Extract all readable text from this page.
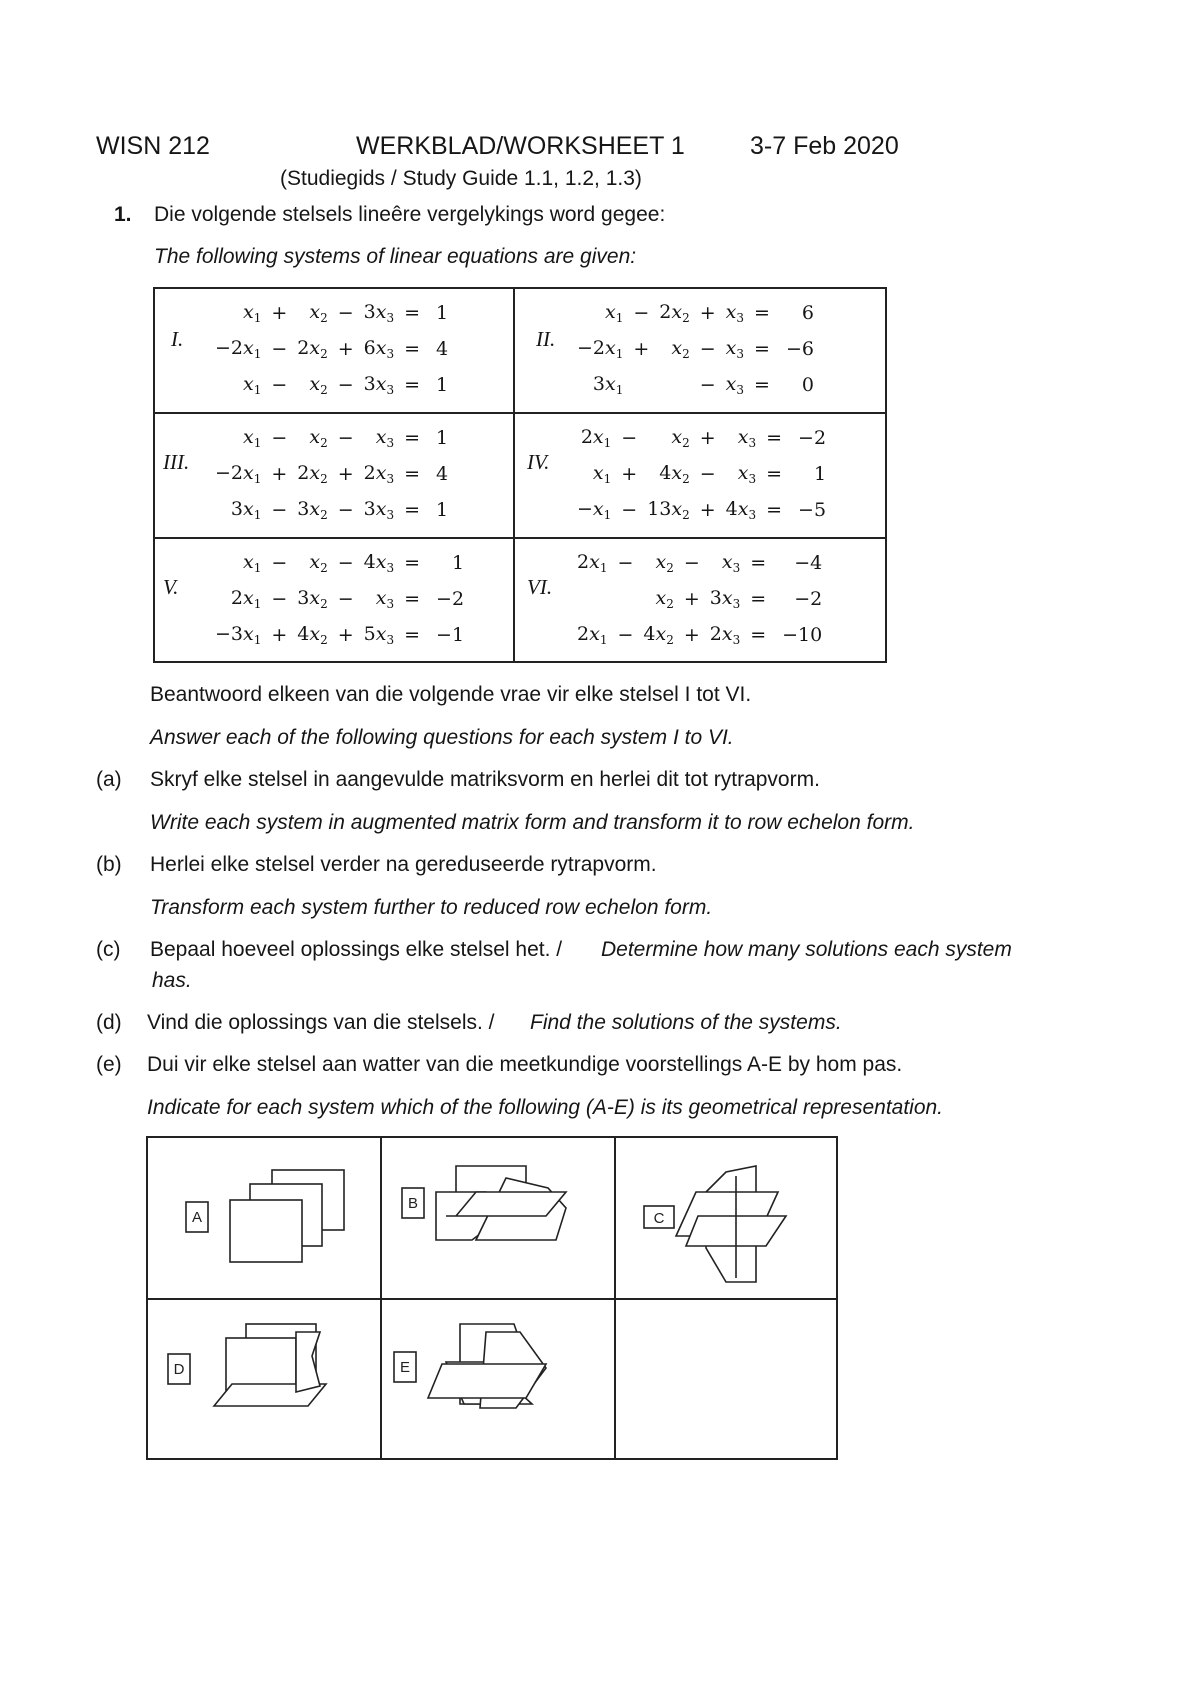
WISN 212	WERKBLAD/WORKSHEET 1	3-7 Feb 2020
(Studiegids / Study Guide 1.1, 1.2, 1.3)
1. Die volgende stelsels lineêre vergelykings word gegee:
The following systems of linear equations are given:
I.
$x_1$	+	$x_2$	−	$3x_3$	=	1
$-2x_1$	−	$2x_2$	+	$6x_3$	=	4
$x_1$	−	$x_2$	−	$3x_3$	=	1
II.
$x_1$	−	$2x_2$	+	$x_3$	=	6
$-2x_1$	+	$x_2$	−	$x_3$	=	−6
$3x_1$			−	$x_3$	=	0
III.
$x_1$	−	$x_2$	−	$x_3$	=	1
$-2x_1$	+	$2x_2$	+	$2x_3$	=	4
$3x_1$	−	$3x_2$	−	$3x_3$	=	1
IV.
$2x_1$	−	$x_2$	+	$x_3$	=	−2
$x_1$	+	$4x_2$	−	$x_3$	=	1
$-x_1$	−	$13x_2$	+	$4x_3$	=	−5
V.
$x_1$	−	$x_2$	−	$4x_3$	=	1
$2x_1$	−	$3x_2$	−	$x_3$	=	−2
$-3x_1$	+	$4x_2$	+	$5x_3$	=	−1
VI.
$2x_1$	−	$x_2$	−	$x_3$	=	−4
		$x_2$	+	$3x_3$	=	−2
$2x_1$	−	$4x_2$	+	$2x_3$	=	−10
Beantwoord elkeen van die volgende vrae vir elke stelsel I tot VI.
Answer each of the following questions for each system I to VI.
(a) Skryf elke stelsel in aangevulde matriksvorm en herlei dit tot rytrapvorm.
Write each system in augmented matrix form and transform it to row echelon form.
(b) Herlei elke stelsel verder na gereduseerde rytrapvorm.
Transform each system further to reduced row echelon form.
(c) Bepaal hoeveel oplossings elke stelsel het. / Determine how many solutions each system
has.
(d) Vind die oplossings van die stelsels. / Find the solutions of the systems.
(e) Dui vir elke stelsel aan watter van die meetkundige voorstellings A-E by hom pas.
Indicate for each system which of the following (A-E) is its geometrical representation.
A
B
C
D	E
